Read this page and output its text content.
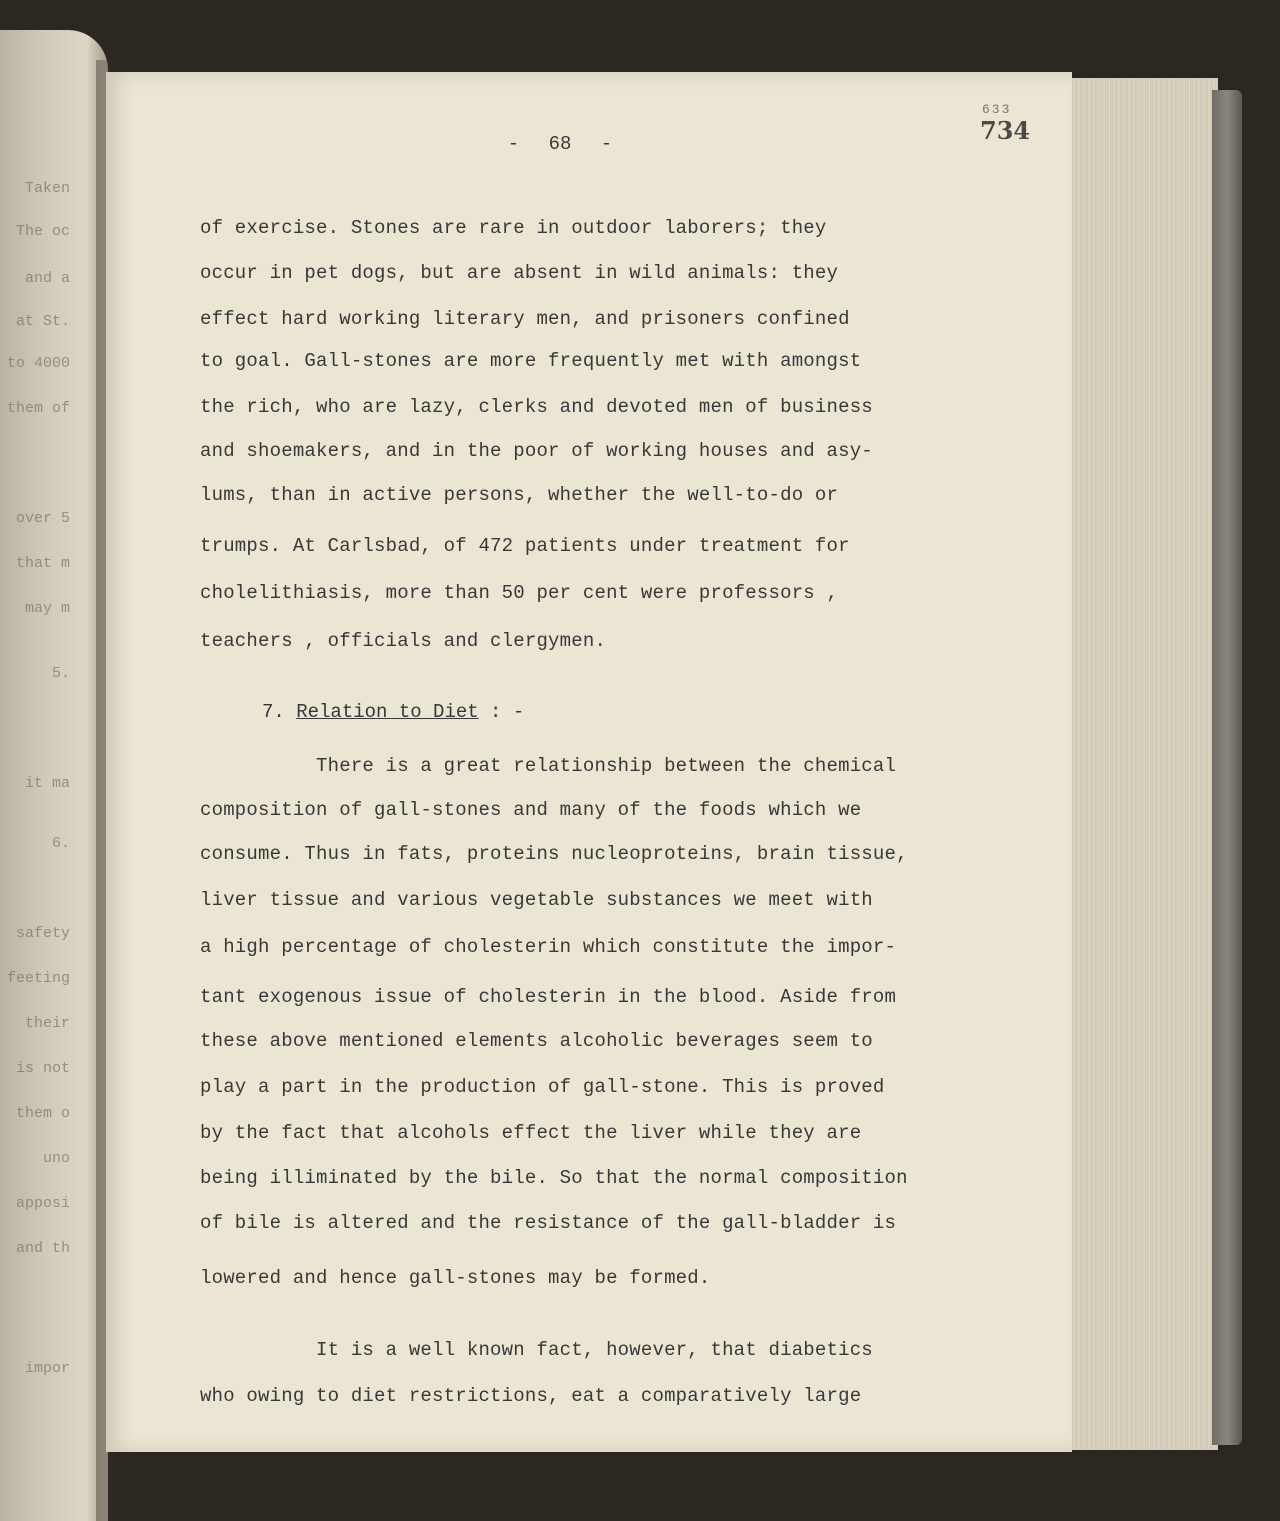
Taken
The oc
and a
at St.
to 4000
them of
over 5
that m
may m
5.
it ma
6.
safety
feeting
their
is not
them o
uno
apposi
and th
impor
- 68 -
633
734
of exercise. Stones are rare in outdoor laborers; they
occur in pet dogs, but are absent in wild animals: they
effect hard working literary men, and prisoners confined
to goal. Gall-stones are more frequently met with amongst
the rich, who are lazy, clerks and devoted men of business
and shoemakers, and in the poor of working houses and asy-
lums, than in active persons, whether the well-to-do or
trumps. At Carlsbad, of 472 patients under treatment for
cholelithiasis, more than 50 per cent were professors ,
teachers , officials and clergymen.
7. Relation to Diet : -
There is a great relationship between the chemical
composition of gall-stones and many of the foods which we
consume. Thus in fats, proteins nucleoproteins, brain tissue,
liver tissue and various vegetable substances we meet with
a high percentage of cholesterin which constitute the impor-
tant exogenous issue of cholesterin in the blood. Aside from
these above mentioned elements alcoholic beverages seem to
play a part in the production of gall-stone. This is proved
by the fact that alcohols effect the liver while they are
being illiminated by the bile. So that the normal composition
of bile is altered and the resistance of the gall-bladder is
lowered and hence gall-stones may be formed.
It is a well known fact, however, that diabetics
who owing to diet restrictions, eat a comparatively large
